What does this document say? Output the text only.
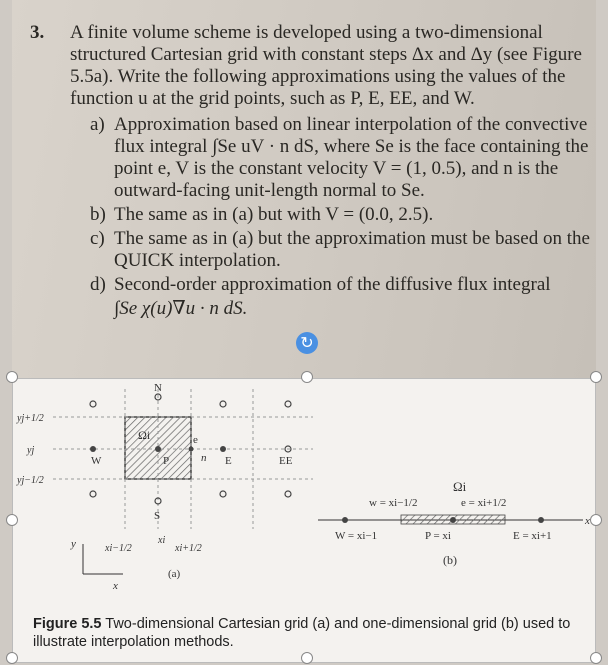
3. A finite volume scheme is developed using a two-dimensional structured Cartesian grid with constant steps Δx and Δy (see Figure 5.5a). Write the following approximations using the values of the function u at the grid points, such as P, E, EE, and W.
a) Approximation based on linear interpolation of the convective flux integral ∫Se uV · n dS, where Se is the face containing the point e, V is the constant velocity V = (1, 0.5), and n is the outward-facing unit-length normal to Se.
b) The same as in (a) but with V = (0.0, 2.5).
c) The same as in (a) but the approximation must be based on the QUICK interpolation.
d) Second-order approximation of the diffusive flux integral
∫Se χ(u)∇u · n dS.
W	P	E	EE
N
S
e
n
Ωi
yj+1/2
yj
yj−1/2
xi−1/2
xi
xi+1/2
y
x
(a)
Ωi
w = xi−1/2	e = xi+1/2
W = xi−1	P = xi	E = xi+1
x
(b)
Figure 5.5 Two-dimensional Cartesian grid (a) and one-dimensional grid (b) used to illustrate interpolation methods.
↻
